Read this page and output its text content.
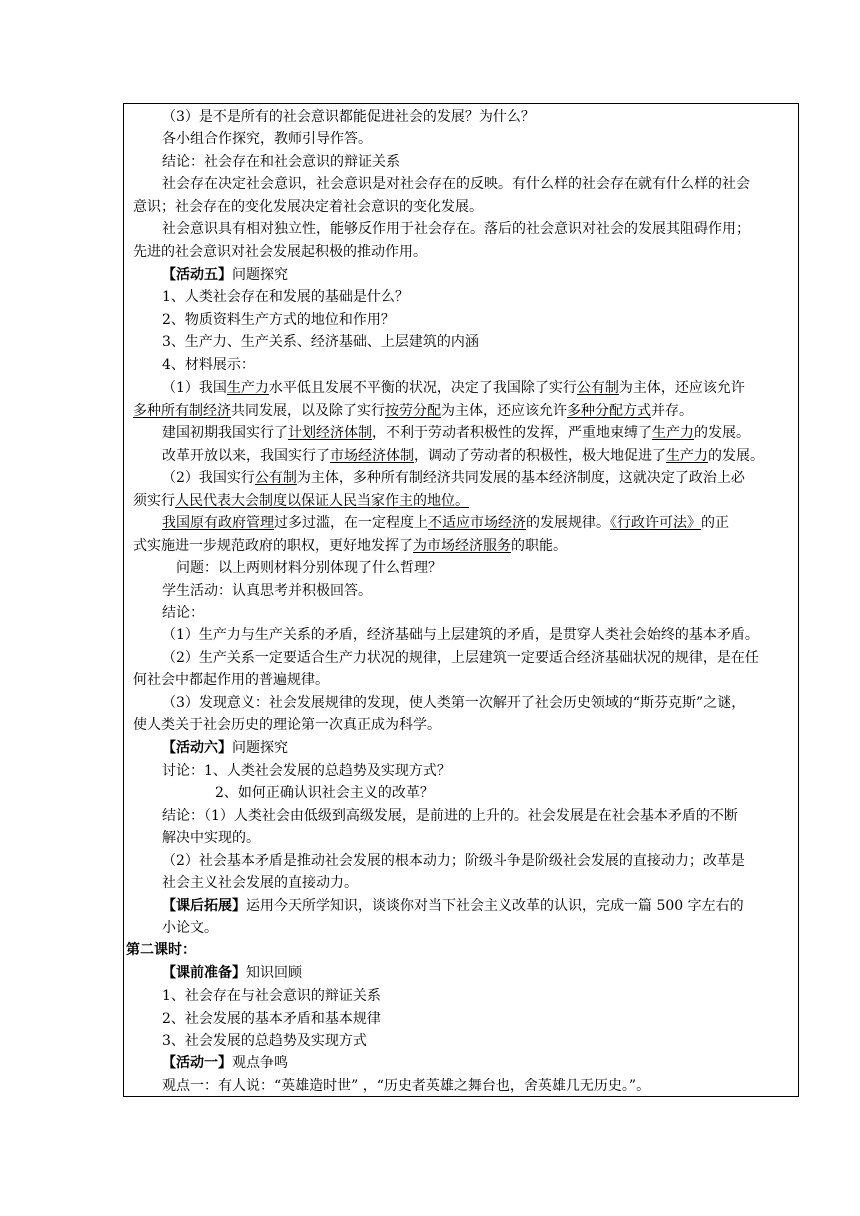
（3）是不是所有的社会意识都能促进社会的发展？为什么？
各小组合作探究，教师引导作答。
结论：社会存在和社会意识的辩证关系
社会存在决定社会意识，社会意识是对社会存在的反映。有什么样的社会存在就有什么样的社会
意识；社会存在的变化发展决定着社会意识的变化发展。
社会意识具有相对独立性，能够反作用于社会存在。落后的社会意识对社会的发展其阻碍作用；
先进的社会意识对社会发展起积极的推动作用。
【活动五】问题探究
1、人类社会存在和发展的基础是什么？
2、物质资料生产方式的地位和作用？
3、生产力、生产关系、经济基础、上层建筑的内涵
4、材料展示：
（1）我国生产力水平低且发展不平衡的状况，决定了我国除了实行公有制为主体，还应该允许
多种所有制经济共同发展，以及除了实行按劳分配为主体，还应该允许多种分配方式并存。
建国初期我国实行了计划经济体制，不利于劳动者积极性的发挥，严重地束缚了生产力的发展。
改革开放以来，我国实行了市场经济体制，调动了劳动者的积极性，极大地促进了生产力的发展。
（2）我国实行公有制为主体，多种所有制经济共同发展的基本经济制度，这就决定了政治上必
须实行人民代表大会制度以保证人民当家作主的地位。
我国原有政府管理过多过滥，在一定程度上不适应市场经济的发展规律。《行政许可法》的正
式实施进一步规范政府的职权，更好地发挥了为市场经济服务的职能。
问题：以上两则材料分别体现了什么哲理？
学生活动：认真思考并积极回答。
结论：
（1）生产力与生产关系的矛盾，经济基础与上层建筑的矛盾，是贯穿人类社会始终的基本矛盾。
（2）生产关系一定要适合生产力状况的规律，上层建筑一定要适合经济基础状况的规律，是在任
何社会中都起作用的普遍规律。
（3）发现意义：社会发展规律的发现，使人类第一次解开了社会历史领域的“斯芬克斯”之谜，
使人类关于社会历史的理论第一次真正成为科学。
【活动六】问题探究
讨论：1、人类社会发展的总趋势及实现方式？
2、如何正确认识社会主义的改革？
结论：（1）人类社会由低级到高级发展，是前进的上升的。社会发展是在社会基本矛盾的不断
解决中实现的。
（2）社会基本矛盾是推动社会发展的根本动力；阶级斗争是阶级社会发展的直接动力；改革是
社会主义社会发展的直接动力。
【课后拓展】运用今天所学知识，谈谈你对当下社会主义改革的认识，完成一篇 500 字左右的
小论文。
第二课时：
【课前准备】知识回顾
1、社会存在与社会意识的辩证关系
2、社会发展的基本矛盾和基本规律
3、社会发展的总趋势及实现方式
【活动一】观点争鸣
观点一：有人说：“英雄造时世” ，“历史者英雄之舞台也，舍英雄几无历史。”。
